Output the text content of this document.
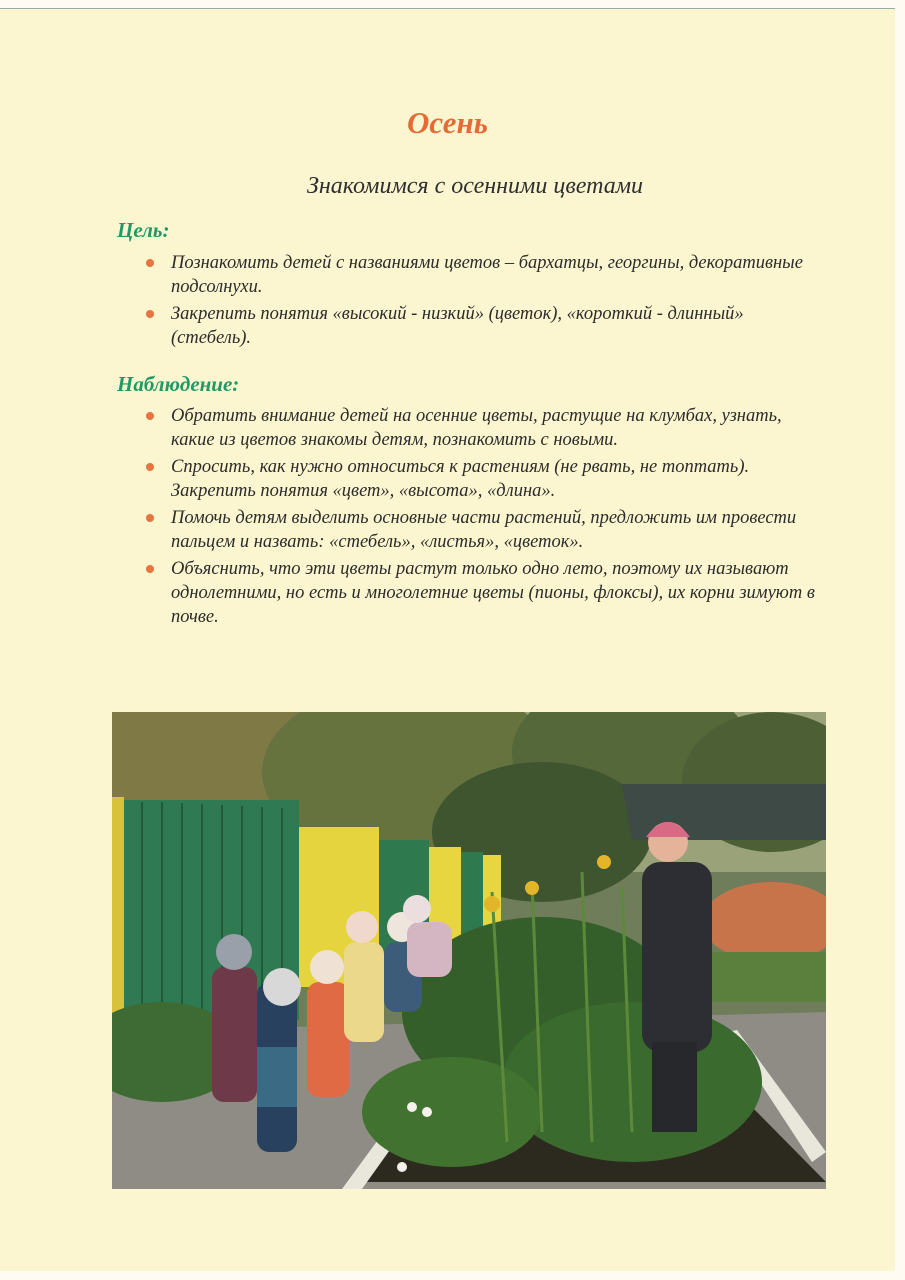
Осень
Знакомимся с осенними цветами
Цель:
Познакомить детей с названиями цветов – бархатцы, георгины, декоративные подсолнухи.
Закрепить понятия «высокий - низкий» (цветок), «короткий - длинный» (стебель).
Наблюдение:
Обратить внимание детей на осенние цветы, растущие на клумбах, узнать, какие из цветов знакомы детям, познакомить с новыми.
Спросить, как нужно относиться к растениям (не рвать, не топтать). Закрепить понятия «цвет», «высота», «длина».
Помочь детям выделить основные части растений, предложить им провести пальцем и назвать: «стебель», «листья», «цветок».
Объяснить, что эти цветы растут только одно лето, поэтому их называют однолетними, но есть и многолетние цветы (пионы, флоксы), их корни зимуют в почве.
